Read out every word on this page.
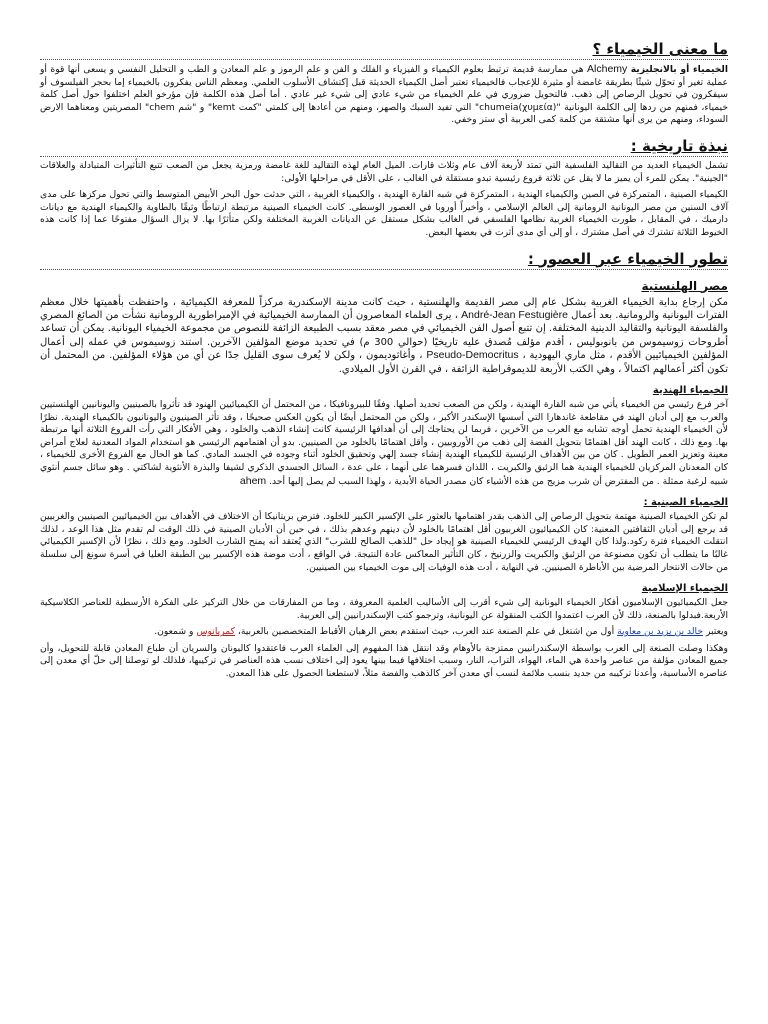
ما معنى الخيمياء ؟

الخيمياء أو بالانجليزية Alchemy هي ممارسة قديمة ترتبط بعلوم الكيمياء و الفيزياء و الفلك و الفن و علم الرموز و علم المعادن و الطب و التحليل النفسي و يسعى أنها قوة أو عملية تغير أو تحوّل شيئًا بطريقة غامضة أو مثيرة للإعجاب فالخيمياء تعتبر أصل الكيمياء الحديثة قبل إكتشاف الأسلوب العلمي. ومعظم الناس يفكرون بالخيمياء إما بحجر الفيلسوف أو سيفكرون في تحويل الرصاص إلى ذهب. فالتحويل ضروري في علم الخيمياء من شيء عادي إلى شيء غير عادي . أما أصل هذه الكلمة فإن مؤرخو العلم اختلفوا حول أصل كلمة خيمياء، فمنهم من ردها إلى الكلمة اليونانية "(chumeia(χυμεία" التي تفيد السبك والصهر، ومنهم من أعادها إلى كلمتي "كمت kemt" و "شم chem" المصريتين ومعناهما الارض السوداء، ومنهم من يرى أنها مشتقة من كلمة كمى العربية أي ستر وخفي.

نبذة تاريخية :

تشمل الخيمياء العديد من التقاليد الفلسفية التي تمتد لأربعة آلاف عام وثلاث قارات. الميل العام لهذه التقاليد للغة غامضة ورمزية يجعل من الصعب تتبع التأثيرات المتبادلة والعلاقات "الجينية". يمكن للمرء أن يميز ما لا يقل عن ثلاثة فروع رئيسية تبدو مستقلة في الغالب ، على الأقل في مراحلها الأولى:

الكيمياء الصينية ، المتمركزة في الصين والكيمياء الهندية ، المتمركزة في شبه القارة الهندية ، والكيمياء الغربية ، التي حدثت حول البحر الأبيض المتوسط والتي تحول مركزها على مدى آلاف السنين من مصر اليونانية الرومانية إلى العالم الإسلامي ، وأخيراً أوروبا في العصور الوسطى. كانت الخيمياء الصينية مرتبطة ارتباطًا وثيقًا بالطاوية والكيمياء الهندية مع ديانات دارميك ، في المقابل ، طورت الخيمياء الغربية نظامها الفلسفي في الغالب بشكل مستقل عن الديانات الغربية المختلفة ولكن متأثرًا بها. لا يزال السؤال مفتوحًا عما إذا كانت هذه الخيوط الثلاثة تشترك في أصل مشترك ، أو إلى أي مدى أثرت في بعضها البعض.

تطور الخيمياء عبر العصور :
مصر الهلنستية

مكن إرجاع بداية الخيمياء الغربية بشكل عام إلى مصر القديمة والهلنستية ، حيث كانت مدينة الإسكندرية مركزاً للمعرفة الكيميائية ، واحتفظت بأهميتها خلال معظم الفترات اليونانية والرومانية. بعد أعمال André-Jean Festugière ، يرى العلماء المعاصرون أن الممارسة الخيميائية في الإمبراطورية الرومانية نشأت من الصائغ المصري والفلسفة اليونانية والتقاليد الدينية المختلفة. إن تتبع أصول الفن الخيميائي في مصر معقد بسبب الطبيعة الزائفة للنصوص من مجموعة الخيمياء اليونانية. يمكن أن تساعد أطروحات زوسيموس من بانوبوليس ، أقدم مؤلف مُصدق عليه تاريخيًا (حوالي 300 م) في تحديد موضع المؤلفين الآخرين. استند زوسيموس في عمله إلى أعمال المؤلفين الخيميائيين الأقدم ، مثل ماري اليهودية ، Pseudo-Democritus ، وأغاثوديمون ، ولكن لا يُعرف سوى القليل جدًا عن أي من هؤلاء المؤلفين. من المحتمل أن تكون أكثر أعمالهم اكتمالاً ، وهي الكتب الأربعة للديموقراطية الزائفة ، في القرن الأول الميلادي.

الخيمياء الهندية

آخر فرع رئيسي من الخيمياء يأتي من شبه القارة الهندية ، ولكن من الصعب تحديد أصلها. وفقًا للبيرونافيكا ، من المحتمل أن الكيميائيين الهنود قد تأثروا بالصينيين واليونانيين الهلنستيين والعرب مع إلى أديان الهند في مقاطعة غاندهارا التي أسسها الإسكندر الأكبر ، ولكن من المحتمل أيضًا أن يكون العكس صحيحًا ، وقد تأثر الصينيون واليونانيون بالكيمياء الهندية. نظرًا لأن الخيمياء الهندية تحمل أوجه تشابه مع العرب من الآخرين ، فربما لن يحتاجك إلى أن أهدافها الرئيسية كانت إنشاء الذهب والخلود ، وهي الأفكار التي رأت الفروع الثلاثة أنها مرتبطة بها. ومع ذلك ، كانت الهند أقل اهتمامًا بتحويل الفضة إلى ذهب من الأوروبيين ، وأقل اهتمامًا بالخلود من الصينيين. بدو أن اهتمامهم الرئيسي هو استخدام المواد المعدنية لعلاج أمراض معينة وتعزيز العمر الطويل . كان من بين الأهداف الرئيسية للكيمياء الهندية إنشاء جسد إلهي وتحقيق الخلود أثناء وجوده في الجسد المادي. كما هو الحال مع الفروع الأخرى للخيمياء ، كان المعدنان المركزيان للخيمياء الهندية هما الزئبق والكبريت ، اللذان فسرهما على أنهما ، على عدة ، السائل الجسدي الذكري لشيفا والبذرة الأنثوية لشاكتي . وهو سائل جسم أنثوي شبيه لرغبة ممثلة . من المفترض أن شرب مزيج من هذه الأشياء كان مصدر الحياة الأبدية ، ولهذا السبب لم يصل إليها أحد. ahem

الخيمياء الصينية :

لم تكن الخيمياء الصينية مهتمة بتحويل الرصاص إلى الذهب بقدر اهتمامها بالعثور على الإكسير الكبير للخلود. فترض بريتانيكا أن الاختلاف في الأهداف بين الخيميائيين الصينيين والغربيين قد يرجع إلى أديان الثقافتين المعنية: كان الكيميائيون الغربيون أقل اهتمامًا بالخلود لأن دينهم وعدهم بذلك ، في حين أن الأديان الصينية في ذلك الوقت لم تقدم مثل هذا الوعد ، لذلك انتقلت الخيمياء فترة ركود.ولذا كان الهدف الرئيسي للخيمياء الصينية هو إيجاد حل "للذهب الصالح للشرب" الذي يُعتقد أنه يمنح الشارب الخلود. ومع ذلك ، نظرًا لأن الإكسير الكيميائي غالبًا ما يتطلب أن تكون مصنوعة من الزئبق والكبريت والزرنيخ ، كان التأثير المعاكس عادة النتيجة. في الواقع ، أدت موضة هذه الإكسير بين الطبقة العليا في أسرة سونغ إلى سلسلة من حالات الانتحار المرضية بين الأباطرة الصينيين. في النهاية ، أدت هذه الوفيات إلى موت الخيمياء بين الصينيين.

الخيمياء الإسلامية

جعل الكيميائيون الإسلاميون أفكار الخيمياء اليونانية إلى شيء أقرب إلى الأساليب العلمية المعروفة ، وما من المفارقات من خلال التركيز على الفكرة الأرسطية للعناصر الكلاسيكية الأربعة.فبدلوا بالصنعة، ذلك لأن العرب اعتمدوا الكتب المنقولة عن اليونانية، وترجمو كتب الإسكندرانيين إلى العربية.

ويعتبر خالد بن يزيد بن معاوية أول من اشتغل في علم الصنعة عند العرب، حيث استقدم بعض الرهبان الأقباط المتخصصين بالعربية، كمريانوس و شمعون.

وهكذا وصلت الصنعة إلى العرب بواسطة الإسكندرانيين ممتزجة بالأوهام وقد انتقل هذا المفهوم إلى العلماء العرب فاعتقدوا كاليونان والسريان أن طباع المعادن قابلة للتحويل، وأن جميع المعادن مؤلفة من عناصر واحدة هي الماء، الهواء، التراب، النار، وسبب اختلافها فيما بينها يعود إلى اختلاف نسب هذه العناصر في تركيبها، فلذلك لو توصلنا إلى حلّ أي معدن إلى عناصره الأساسية، وأعدنا تركيبه من جديد بنسب ملائمة لنسب أي معدن آخر كالذهب والفضة مثلاً، لاستطعنا الحصول على هذا المعدن.
